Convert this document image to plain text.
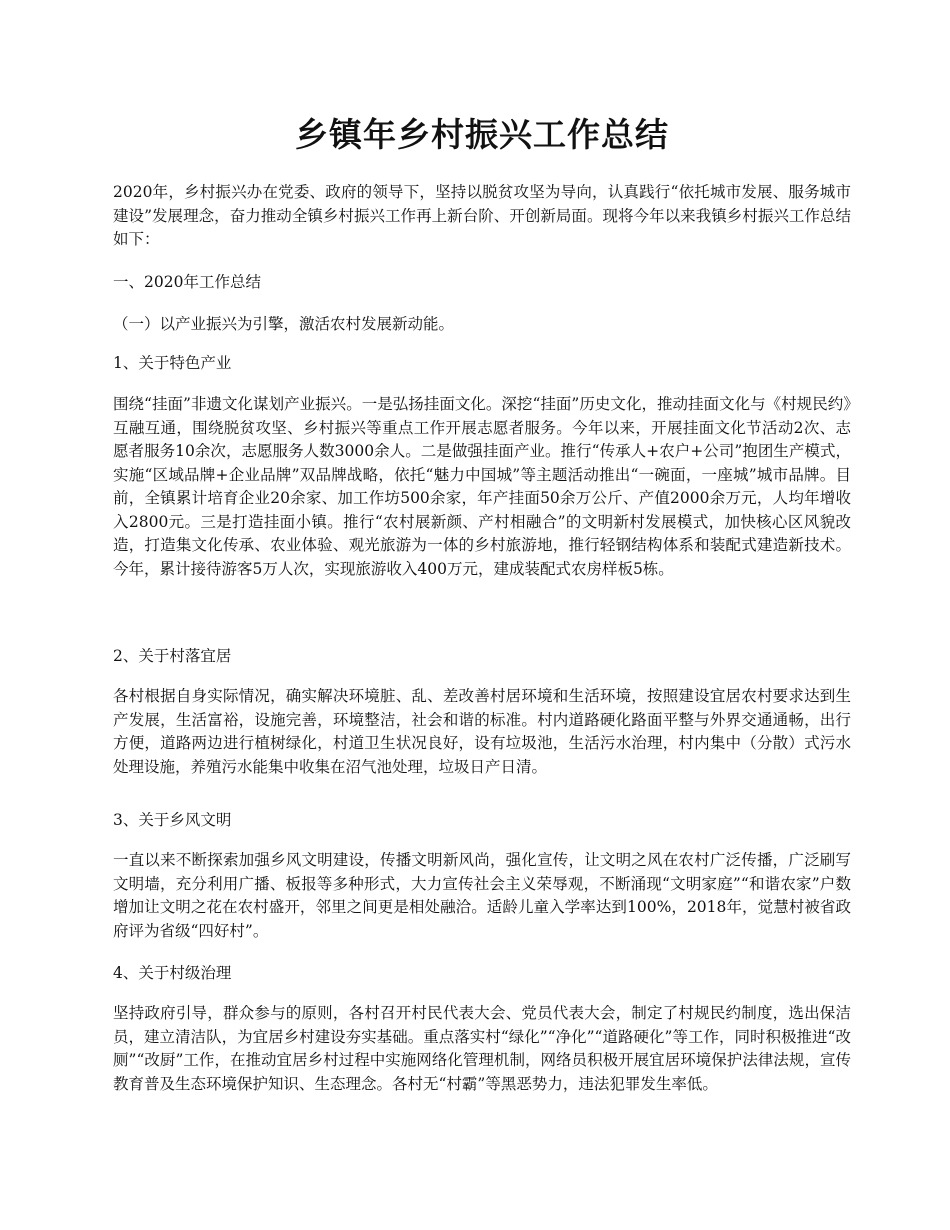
乡镇年乡村振兴工作总结

2020年，乡村振兴办在党委、政府的领导下，坚持以脱贫攻坚为导向，认真践行“依托城市发展、服务城市建设”发展理念，奋力推动全镇乡村振兴工作再上新台阶、开创新局面。现将今年以来我镇乡村振兴工作总结如下：

一、2020年工作总结

（一）以产业振兴为引擎，激活农村发展新动能。

1、关于特色产业

围绕“挂面”非遗文化谋划产业振兴。一是弘扬挂面文化。深挖“挂面”历史文化，推动挂面文化与《村规民约》互融互通，围绕脱贫攻坚、乡村振兴等重点工作开展志愿者服务。今年以来，开展挂面文化节活动2次、志愿者服务10余次，志愿服务人数3000余人。二是做强挂面产业。推行“传承人+农户+公司”抱团生产模式，实施“区域品牌+企业品牌”双品牌战略，依托“魅力中国城”等主题活动推出“一碗面，一座城”城市品牌。目前，全镇累计培育企业20余家、加工作坊500余家，年产挂面50余万公斤、产值2000余万元，人均年增收入2800元。三是打造挂面小镇。推行“农村展新颜、产村相融合”的文明新村发展模式，加快核心区风貌改造，打造集文化传承、农业体验、观光旅游为一体的乡村旅游地，推行轻钢结构体系和装配式建造新技术。今年，累计接待游客5万人次，实现旅游收入400万元，建成装配式农房样板5栋。

2、关于村落宜居

各村根据自身实际情况，确实解决环境脏、乱、差改善村居环境和生活环境，按照建设宜居农村要求达到生产发展，生活富裕，设施完善，环境整洁，社会和谐的标准。村内道路硬化路面平整与外界交通通畅，出行方便，道路两边进行植树绿化，村道卫生状况良好，设有垃圾池，生活污水治理，村内集中（分散）式污水处理设施，养殖污水能集中收集在沼气池处理，垃圾日产日清。

3、关于乡风文明

一直以来不断探索加强乡风文明建设，传播文明新风尚，强化宣传，让文明之风在农村广泛传播，广泛刷写文明墙，充分利用广播、板报等多种形式，大力宣传社会主义荣辱观，不断涌现“文明家庭”“和谐农家”户数增加让文明之花在农村盛开，邻里之间更是相处融洽。适龄儿童入学率达到100%，2018年，觉慧村被省政府评为省级“四好村”。

4、关于村级治理

坚持政府引导，群众参与的原则，各村召开村民代表大会、党员代表大会，制定了村规民约制度，选出保洁员，建立清洁队，为宜居乡村建设夯实基础。重点落实村“绿化”“净化”“道路硬化”等工作，同时积极推进“改厕”“改厨”工作，在推动宜居乡村过程中实施网络化管理机制，网络员积极开展宜居环境保护法律法规，宣传教育普及生态环境保护知识、生态理念。各村无“村霸”等黑恶势力，违法犯罪发生率低。
